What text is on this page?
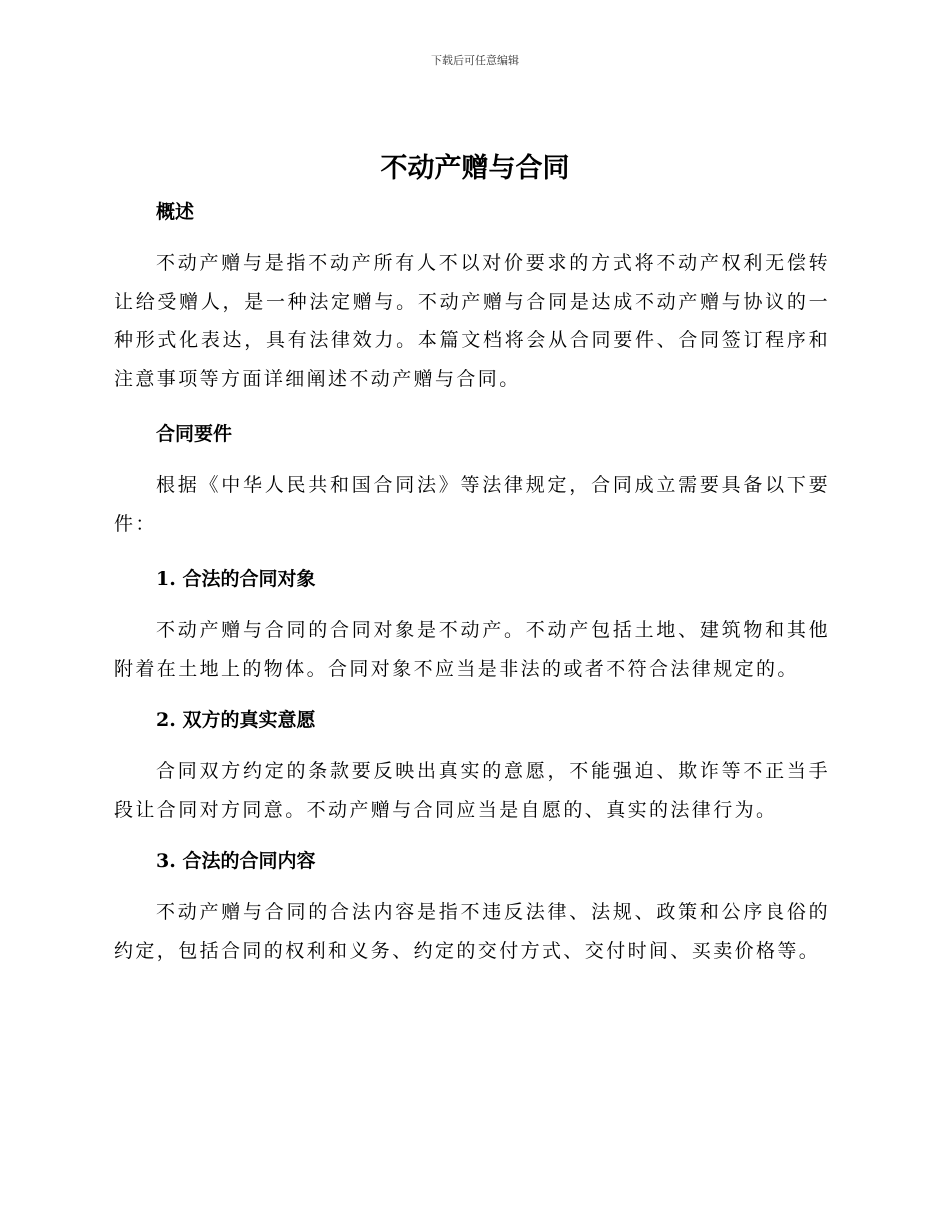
下载后可任意编辑
不动产赠与合同
概述

不动产赠与是指不动产所有人不以对价要求的方式将不动产权利无偿转让给受赠人，是一种法定赠与。不动产赠与合同是达成不动产赠与协议的一种形式化表达，具有法律效力。本篇文档将会从合同要件、合同签订程序和注意事项等方面详细阐述不动产赠与合同。

合同要件

根据《中华人民共和国合同法》等法律规定，合同成立需要具备以下要件：

1. 合法的合同对象

不动产赠与合同的合同对象是不动产。不动产包括土地、建筑物和其他附着在土地上的物体。合同对象不应当是非法的或者不符合法律规定的。

2. 双方的真实意愿

合同双方约定的条款要反映出真实的意愿，不能强迫、欺诈等不正当手段让合同对方同意。不动产赠与合同应当是自愿的、真实的法律行为。

3. 合法的合同内容

不动产赠与合同的合法内容是指不违反法律、法规、政策和公序良俗的约定，包括合同的权利和义务、约定的交付方式、交付时间、买卖价格等。
